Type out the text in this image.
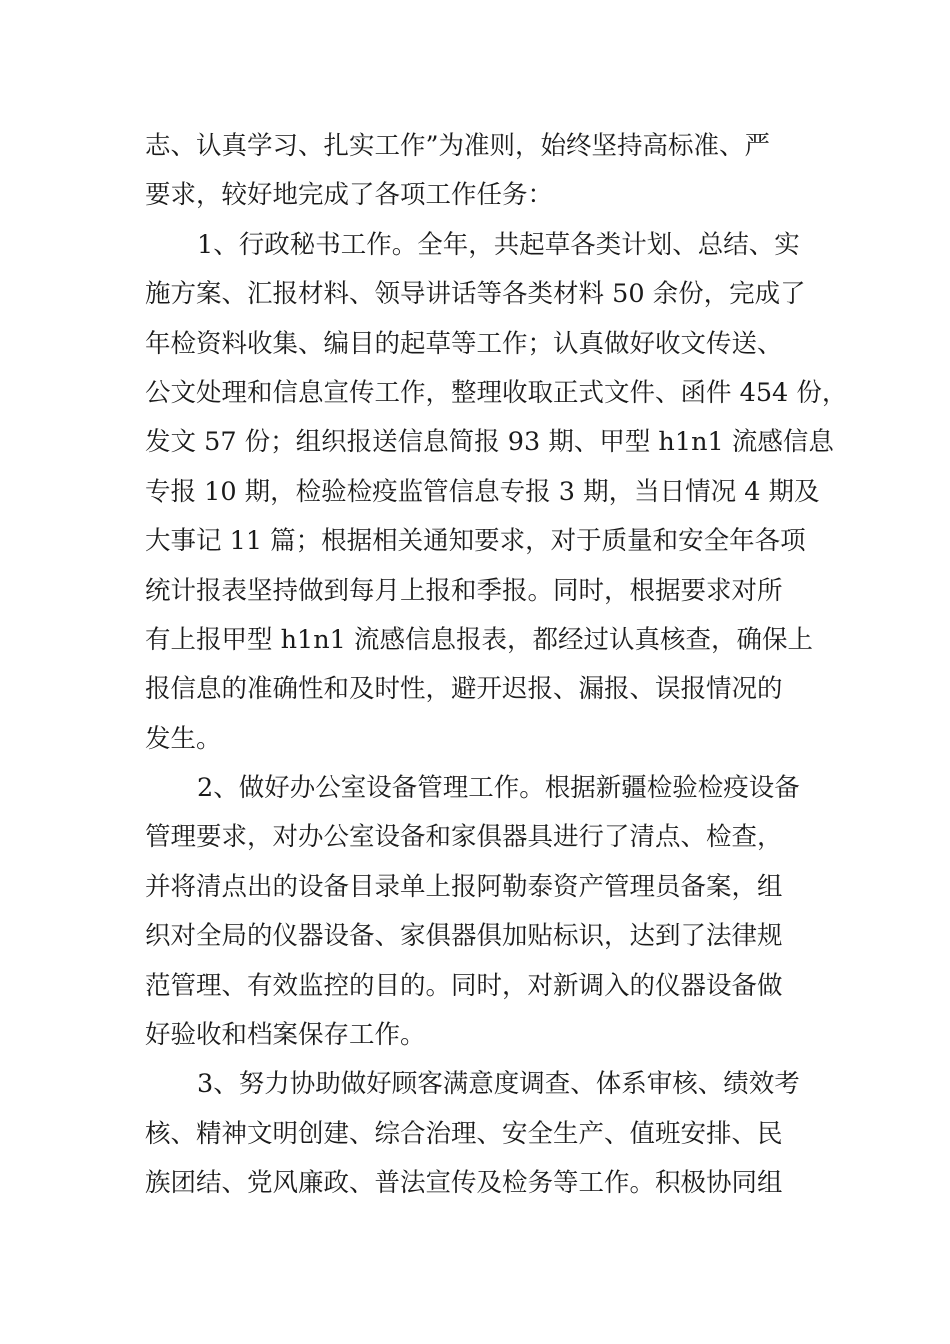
志、认真学习、扎实工作”为准则，始终坚持高标准、严
要求，较好地完成了各项工作任务：
1、行政秘书工作。全年，共起草各类计划、总结、实
施方案、汇报材料、领导讲话等各类材料 50 余份，完成了
年检资料收集、编目的起草等工作；认真做好收文传送、
公文处理和信息宣传工作，整理收取正式文件、函件 454 份，
发文 57 份；组织报送信息简报 93 期、甲型 h1n1 流感信息
专报 10 期，检验检疫监管信息专报 3 期，当日情况 4 期及
大事记 11 篇；根据相关通知要求，对于质量和安全年各项
统计报表坚持做到每月上报和季报。同时，根据要求对所
有上报甲型 h1n1 流感信息报表，都经过认真核查，确保上
报信息的准确性和及时性，避开迟报、漏报、误报情况的
发生。
2、做好办公室设备管理工作。根据新疆检验检疫设备
管理要求，对办公室设备和家俱器具进行了清点、检查，
并将清点出的设备目录单上报阿勒泰资产管理员备案，组
织对全局的仪器设备、家俱器俱加贴标识，达到了法律规
范管理、有效监控的目的。同时，对新调入的仪器设备做
好验收和档案保存工作。
3、努力协助做好顾客满意度调查、体系审核、绩效考
核、精神文明创建、综合治理、安全生产、值班安排、民
族团结、党风廉政、普法宣传及检务等工作。积极协同组
